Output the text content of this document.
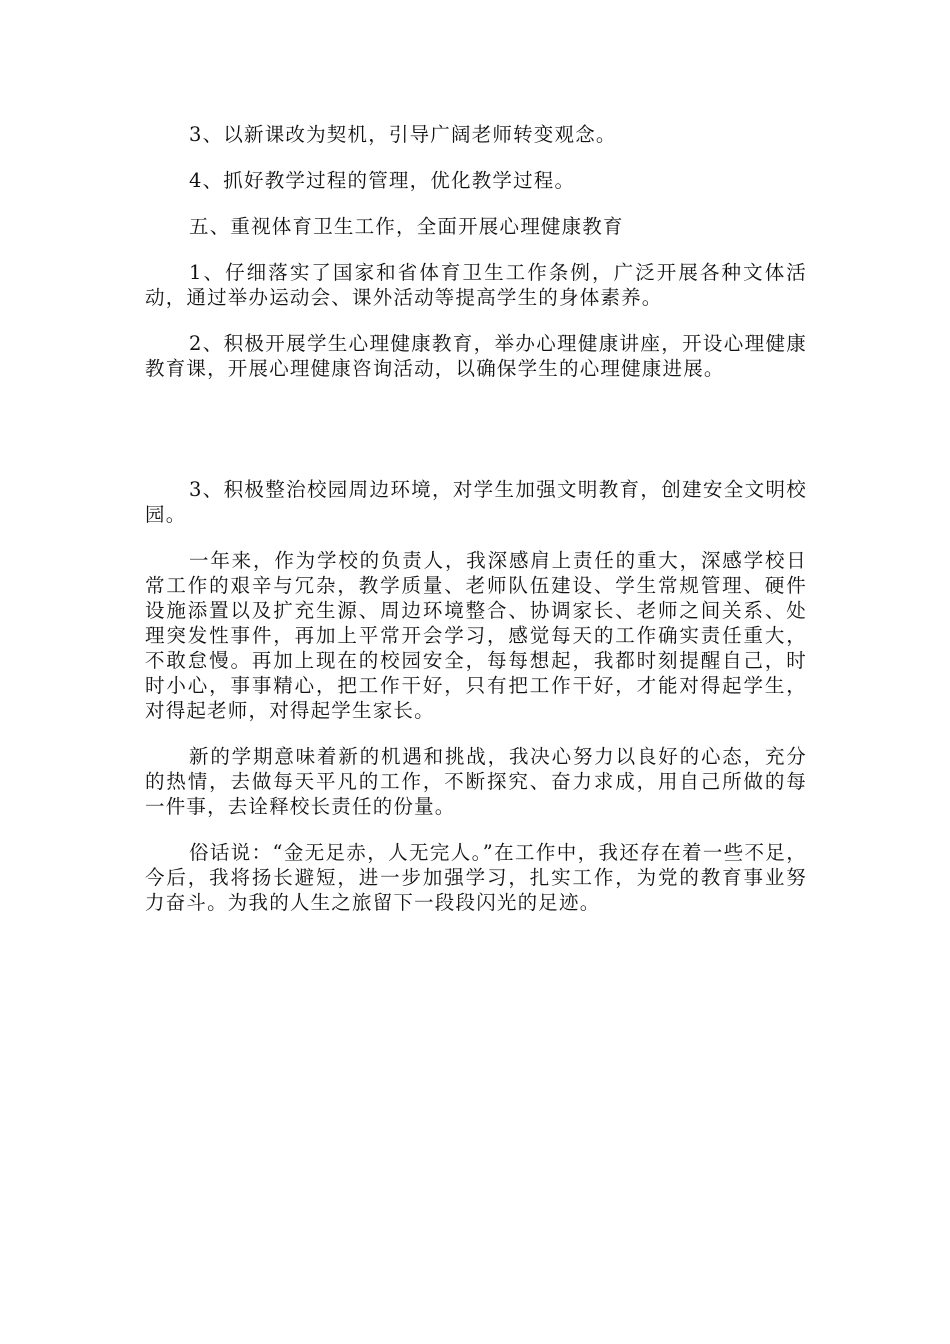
3、以新课改为契机，引导广阔老师转变观念。

4、抓好教学过程的管理，优化教学过程。

五、重视体育卫生工作，全面开展心理健康教育

1、仔细落实了国家和省体育卫生工作条例，广泛开展各种文体活动，通过举办运动会、课外活动等提高学生的身体素养。

2、积极开展学生心理健康教育，举办心理健康讲座，开设心理健康教育课，开展心理健康咨询活动，以确保学生的心理健康进展。

3、积极整治校园周边环境，对学生加强文明教育，创建安全文明校园。

一年来，作为学校的负责人，我深感肩上责任的重大，深感学校日常工作的艰辛与冗杂，教学质量、老师队伍建设、学生常规管理、硬件设施添置以及扩充生源、周边环境整合、协调家长、老师之间关系、处理突发性事件，再加上平常开会学习，感觉每天的工作确实责任重大，不敢怠慢。再加上现在的校园安全，每每想起，我都时刻提醒自己，时时小心，事事精心，把工作干好，只有把工作干好，才能对得起学生，对得起老师，对得起学生家长。

新的学期意味着新的机遇和挑战，我决心努力以良好的心态，充分的热情，去做每天平凡的工作，不断探究、奋力求成，用自己所做的每一件事，去诠释校长责任的份量。

俗话说：“金无足赤，人无完人。”在工作中，我还存在着一些不足， 今后，我将扬长避短，进一步加强学习，扎实工作，为党的教育事业努力奋斗。为我的人生之旅留下一段段闪光的足迹。
